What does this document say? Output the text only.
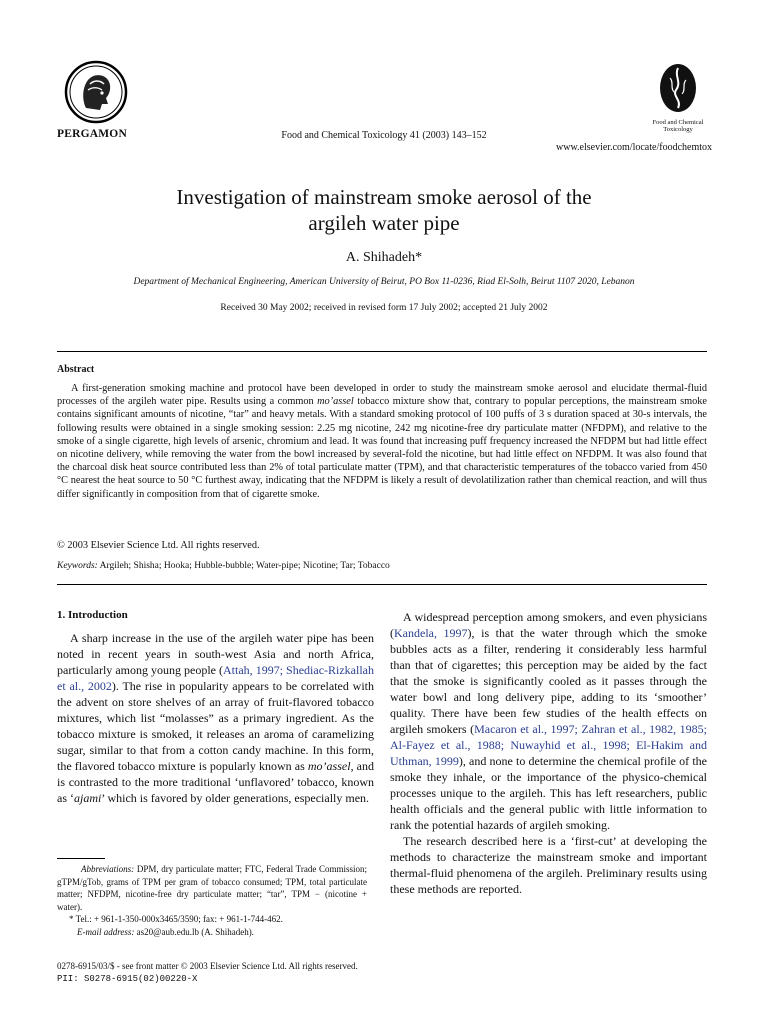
PERGAMON	Food and Chemical Toxicology 41 (2003) 143–152
www.elsevier.com/locate/foodchemtox
Food and Chemical Toxicology
Investigation of mainstream smoke aerosol of the
argileh water pipe
A. Shihadeh*
Department of Mechanical Engineering, American University of Beirut, PO Box 11-0236, Riad El-Solh, Beirut 1107 2020, Lebanon
Received 30 May 2002; received in revised form 17 July 2002; accepted 21 July 2002
Abstract

A first-generation smoking machine and protocol have been developed in order to study the mainstream smoke aerosol and elucidate thermal-fluid processes of the argileh water pipe. Results using a common mo’assel tobacco mixture show that, contrary to popular perceptions, the mainstream smoke contains significant amounts of nicotine, “tar” and heavy metals. With a standard smoking protocol of 100 puffs of 3 s duration spaced at 30-s intervals, the following results were obtained in a single smoking session: 2.25 mg nicotine, 242 mg nicotine-free dry particulate matter (NFDPM), and relative to the smoke of a single cigarette, high levels of arsenic, chromium and lead. It was found that increasing puff frequency increased the NFDPM but had little effect on nicotine delivery, while removing the water from the bowl increased by several-fold the nicotine, but had little effect on NFDPM. It was also found that the charcoal disk heat source contributed less than 2% of total particulate matter (TPM), and that characteristic temperatures of the tobacco varied from 450 °C nearest the heat source to 50 °C furthest away, indicating that the NFDPM is likely a result of devolatilization rather than chemical reaction, and will thus differ significantly in composition from that of cigarette smoke.

© 2003 Elsevier Science Ltd. All rights reserved.
Keywords: Argileh; Shisha; Hooka; Hubble-bubble; Water-pipe; Nicotine; Tar; Tobacco
1. Introduction

A sharp increase in the use of the argileh water pipe has been noted in recent years in south-west Asia and north Africa, particularly among young people (Attah, 1997; Shediac-Rizkallah et al., 2002). The rise in popularity appears to be correlated with the advent on store shelves of an array of fruit-flavored tobacco mixtures, which list “molasses” as a primary ingredient. As the tobacco mixture is smoked, it releases an aroma of caramelizing sugar, similar to that from a cotton candy machine. In this form, the flavored tobacco mixture is popularly known as mo’assel, and is contrasted to the more traditional ‘unflavored’ tobacco, known as ‘ajami’ which is favored by older generations, especially men.

A widespread perception among smokers, and even physicians (Kandela, 1997), is that the water through which the smoke bubbles acts as a filter, rendering it considerably less harmful than that of cigarettes; this perception may be aided by the fact that the smoke is significantly cooled as it passes through the water bowl and long delivery pipe, adding to its ‘smoother’ quality. There have been few studies of the health effects on argileh smokers (Macaron et al., 1997; Zahran et al., 1982, 1985; Al-Fayez et al., 1988; Nuwayhid et al., 1998; El-Hakim and Uthman, 1999), and none to determine the chemical profile of the smoke they inhale, or the importance of the physico-chemical processes unique to the argileh. This has left researchers, public health officials and the general public with little information to rank the potential hazards of argileh smoking.

The research described here is a ‘first-cut’ at developing the methods to characterize the mainstream smoke and important thermal-fluid phenomena of the argileh. Preliminary results using these methods are reported.

Abbreviations: DPM, dry particulate matter; FTC, Federal Trade Commission; gTPM/gTob, grams of TPM per gram of tobacco consumed; TPM, total particulate matter; NFDPM, nicotine-free dry particulate matter; “tar”, TPM − (nicotine + water).

* Tel.: + 961-1-350-000x3465/3590; fax: + 961-1-744-462.

E-mail address: as20@aub.edu.lb (A. Shihadeh).

0278-6915/03/$ - see front matter © 2003 Elsevier Science Ltd. All rights reserved.
PII: S0278-6915(02)00220-X
